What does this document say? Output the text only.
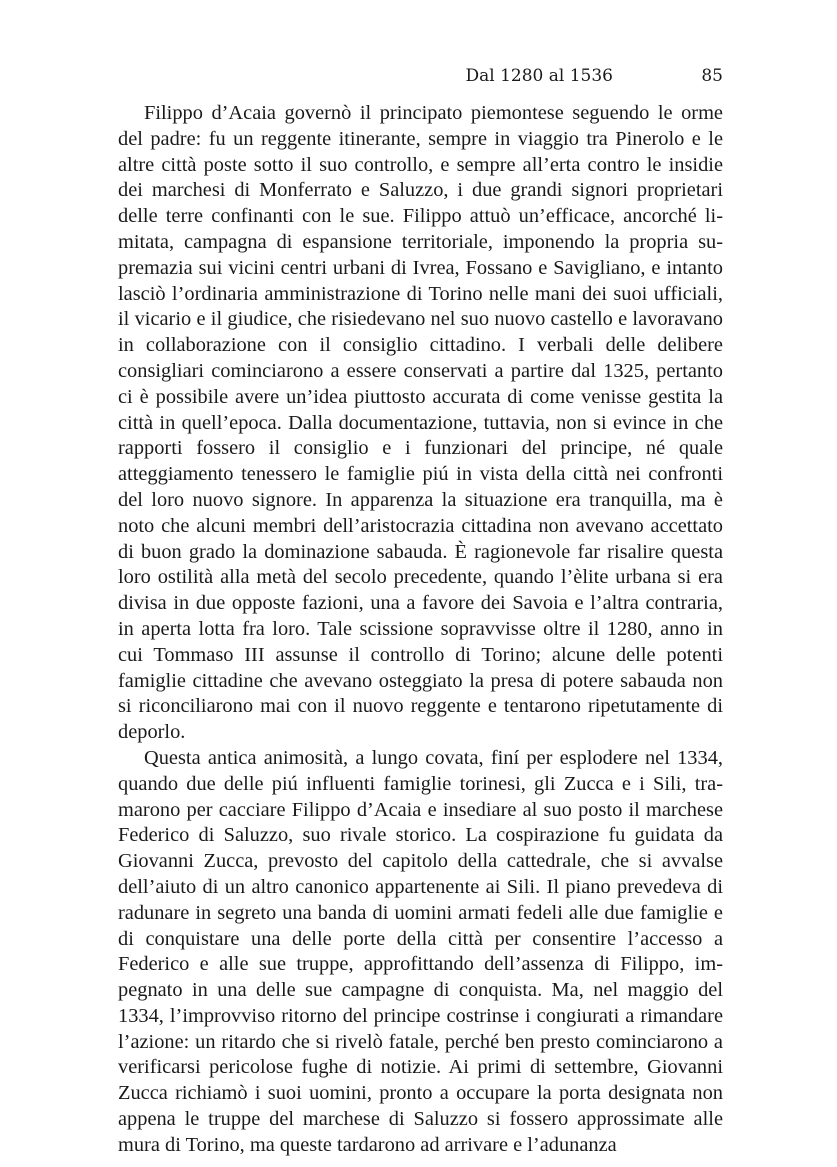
Dal 1280 al 1536	85

Filippo d’Acaia governò il principato piemontese seguendo le orme del padre: fu un reggente itinerante, sempre in viaggio tra Pinerolo e le altre città poste sotto il suo controllo, e sempre all’erta contro le insidie dei marchesi di Monferrato e Saluzzo, i due grandi signori proprietari delle terre confinanti con le sue. Filippo attuò un’efficace, ancorché limitata, campagna di espansione territoriale, imponendo la propria supremazia sui vicini centri urbani di Ivrea, Fossano e Savigliano, e intanto lasciò l’ordinaria amministrazione di Torino nelle mani dei suoi ufficiali, il vicario e il giudice, che risiedevano nel suo nuovo castello e lavoravano in collaborazione con il consiglio cittadino. I verbali delle delibere consigliari cominciarono a essere conservati a partire dal 1325, pertanto ci è possibile avere un’idea piuttosto accurata di come venisse gestita la città in quell’epoca. Dalla documentazione, tuttavia, non si evince in che rapporti fossero il consiglio e i funzionari del principe, né quale atteggiamento tenessero le famiglie piú in vista della città nei confronti del loro nuovo signore. In apparenza la situazione era tranquilla, ma è noto che alcuni membri dell’aristocrazia cittadina non avevano accettato di buon grado la dominazione sabauda. È ragionevole far risalire questa loro ostilità alla metà del secolo precedente, quando l’èlite urbana si era divisa in due opposte fazioni, una a favore dei Savoia e l’altra contraria, in aperta lotta fra loro. Tale scissione sopravvisse oltre il 1280, anno in cui Tommaso III assunse il controllo di Torino; alcune delle potenti famiglie cittadine che avevano osteggiato la presa di potere sabauda non si riconciliarono mai con il nuovo reggente e tentarono ripetutamente di deporlo.

Questa antica animosità, a lungo covata, finí per esplodere nel 1334, quando due delle piú influenti famiglie torinesi, gli Zucca e i Sili, tramarono per cacciare Filippo d’Acaia e insediare al suo posto il marchese Federico di Saluzzo, suo rivale storico. La cospirazione fu guidata da Giovanni Zucca, prevosto del capitolo della cattedrale, che si avvalse dell’aiuto di un altro canonico appartenente ai Sili. Il piano prevedeva di radunare in segreto una banda di uomini armati fedeli alle due famiglie e di conquistare una delle porte della città per consentire l’accesso a Federico e alle sue truppe, approfittando dell’assenza di Filippo, impegnato in una delle sue campagne di conquista. Ma, nel maggio del 1334, l’improvviso ritorno del principe costrinse i congiurati a rimandare l’azione: un ritardo che si rivelò fatale, perché ben presto cominciarono a verificarsi pericolose fughe di notizie. Ai primi di settembre, Giovanni Zucca richiamò i suoi uomini, pronto a occupare la porta designata non appena le truppe del marchese di Saluzzo si fossero approssimate alle mura di Torino, ma queste tardarono ad arrivare e l’adunanza
